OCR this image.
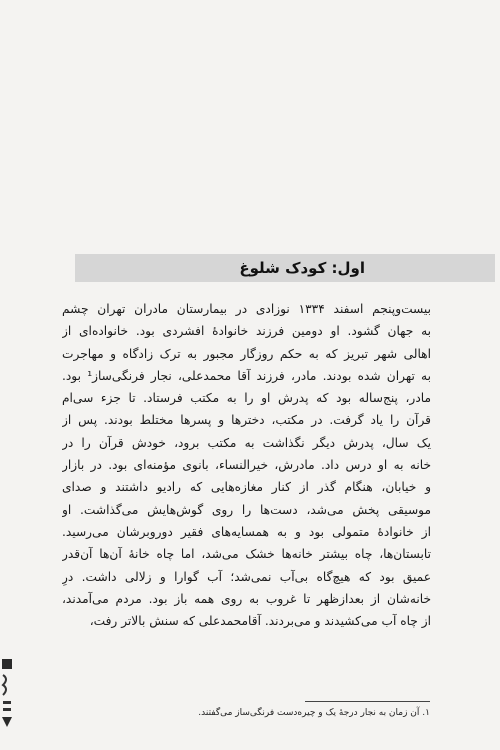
اول: کودک شلوغ
بیست‌وپنجم اسفند ۱۳۳۴ نوزادی در بیمارستان مادران تهران چشم
به جهان گشود. او دومین فرزند خانوادهٔ افشردی بود. خانواده‌ای از
اهالی شهر تبریز که به حکم روزگار مجبور به ترک زادگاه و مهاجرت
به تهران شده بودند. مادر، فرزند آقا محمدعلی، نجار فرنگی‌ساز¹ بود.
مادر، پنج‌ساله بود که پدرش او را به مکتب فرستاد. تا جزء سی‌ام
قرآن را یاد گرفت. در مکتب، دخترها و پسرها مختلط بودند. پس از
یک سال، پدرش دیگر نگذاشت به مکتب برود، خودش قرآن را در
خانه به او درس داد. مادرش، خیرالنساء، بانوی مؤمنه‌ای بود. در بازار
و خیابان، هنگام گذر از کنار مغازه‌هایی که رادیو داشتند و صدای
موسیقی پخش می‌شد، دست‌ها را روی گوش‌هایش می‌گذاشت. او
از خانوادهٔ متمولی بود و به همسایه‌های فقیر دوروبرشان می‌رسید.
تابستان‌ها، چاه بیشتر خانه‌ها خشک می‌شد، اما چاه خانهٔ آن‌ها آن‌قدر
عمیق بود که هیچ‌گاه بی‌آب نمی‌شد؛ آب گوارا و زلالی داشت. درِ
خانه‌شان از بعدازظهر تا غروب به روی همه باز بود. مردم می‌آمدند،
از چاه آب می‌کشیدند و می‌بردند. آقامحمدعلی که سنش بالاتر رفت،
۱. آن زمان به نجار درجهٔ یک و چیره‌دست فرنگی‌ساز می‌گفتند.
